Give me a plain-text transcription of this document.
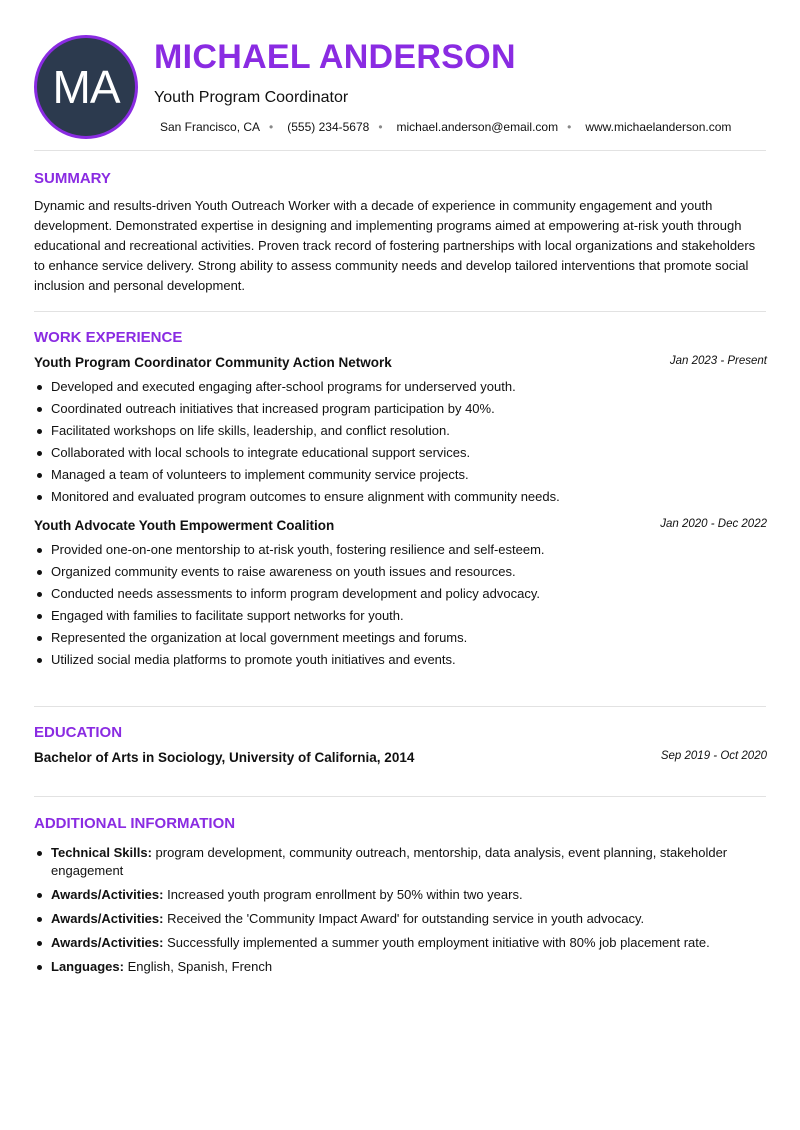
MA
MICHAEL ANDERSON
Youth Program Coordinator
San Francisco, CA • (555) 234-5678 • michael.anderson@email.com • www.michaelanderson.com
SUMMARY

Dynamic and results-driven Youth Outreach Worker with a decade of experience in community engagement and youth development. Demonstrated expertise in designing and implementing programs aimed at empowering at-risk youth through educational and recreational activities. Proven track record of fostering partnerships with local organizations and stakeholders to enhance service delivery. Strong ability to assess community needs and develop tailored interventions that promote social inclusion and personal development.

WORK EXPERIENCE
Youth Program Coordinator Community Action Network	Jan 2023 - Present
Developed and executed engaging after-school programs for underserved youth.
Coordinated outreach initiatives that increased program participation by 40%.
Facilitated workshops on life skills, leadership, and conflict resolution.
Collaborated with local schools to integrate educational support services.
Managed a team of volunteers to implement community service projects.
Monitored and evaluated program outcomes to ensure alignment with community needs.
Youth Advocate Youth Empowerment Coalition	Jan 2020 - Dec 2022
Provided one-on-one mentorship to at-risk youth, fostering resilience and self-esteem.
Organized community events to raise awareness on youth issues and resources.
Conducted needs assessments to inform program development and policy advocacy.
Engaged with families to facilitate support networks for youth.
Represented the organization at local government meetings and forums.
Utilized social media platforms to promote youth initiatives and events.
EDUCATION
Bachelor of Arts in Sociology, University of California, 2014	Sep 2019 - Oct 2020
ADDITIONAL INFORMATION
Technical Skills: program development, community outreach, mentorship, data analysis, event planning, stakeholder engagement
Awards/Activities: Increased youth program enrollment by 50% within two years.
Awards/Activities: Received the 'Community Impact Award' for outstanding service in youth advocacy.
Awards/Activities: Successfully implemented a summer youth employment initiative with 80% job placement rate.
Languages: English, Spanish, French
